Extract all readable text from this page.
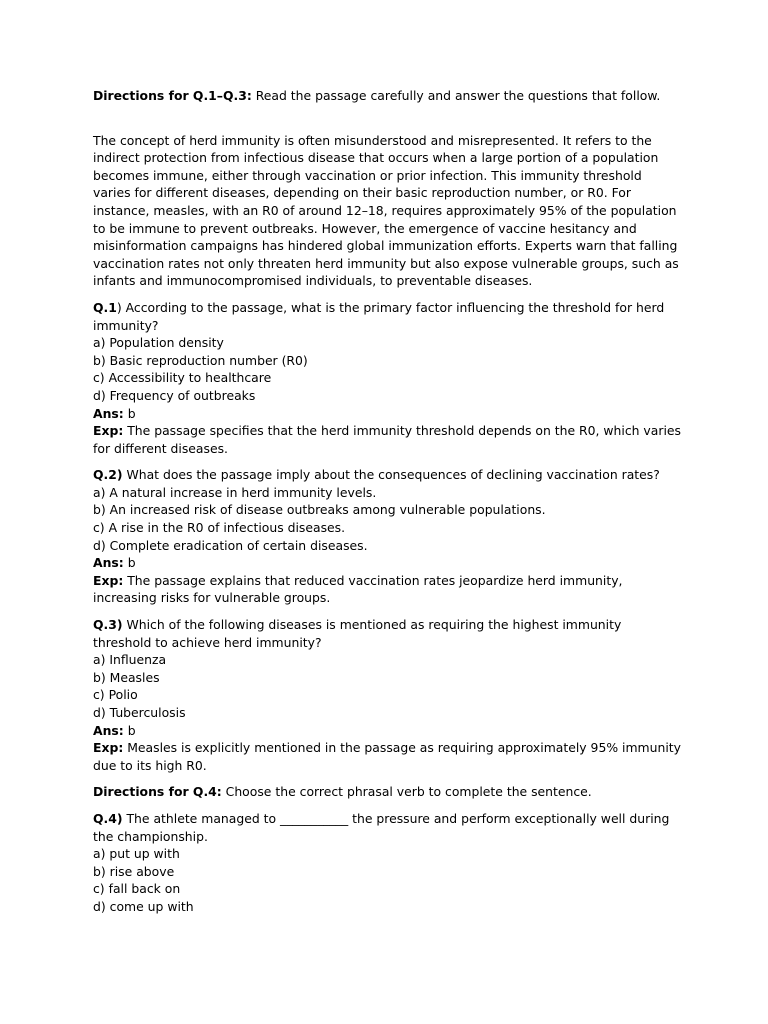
Directions for Q.1–Q.3: Read the passage carefully and answer the questions that follow.

The concept of herd immunity is often misunderstood and misrepresented. It refers to the indirect protection from infectious disease that occurs when a large portion of a population becomes immune, either through vaccination or prior infection. This immunity threshold varies for different diseases, depending on their basic reproduction number, or R0. For instance, measles, with an R0 of around 12–18, requires approximately 95% of the population to be immune to prevent outbreaks. However, the emergence of vaccine hesitancy and misinformation campaigns has hindered global immunization efforts. Experts warn that falling vaccination rates not only threaten herd immunity but also expose vulnerable groups, such as infants and immunocompromised individuals, to preventable diseases.

Q.1) According to the passage, what is the primary factor influencing the threshold for herd immunity?

a) Population density
b) Basic reproduction number (R0)
c) Accessibility to healthcare
d) Frequency of outbreaks

Ans: b

Exp: The passage specifies that the herd immunity threshold depends on the R0, which varies for different diseases.

Q.2) What does the passage imply about the consequences of declining vaccination rates?

a) A natural increase in herd immunity levels.
b) An increased risk of disease outbreaks among vulnerable populations.
c) A rise in the R0 of infectious diseases.
d) Complete eradication of certain diseases.

Ans: b

Exp: The passage explains that reduced vaccination rates jeopardize herd immunity, increasing risks for vulnerable groups.

Q.3) Which of the following diseases is mentioned as requiring the highest immunity threshold to achieve herd immunity?

a) Influenza
b) Measles
c) Polio
d) Tuberculosis

Ans: b

Exp: Measles is explicitly mentioned in the passage as requiring approximately 95% immunity due to its high R0.

Directions for Q.4: Choose the correct phrasal verb to complete the sentence.

Q.4) The athlete managed to ___________ the pressure and perform exceptionally well during the championship.

a) put up with
b) rise above
c) fall back on
d) come up with
